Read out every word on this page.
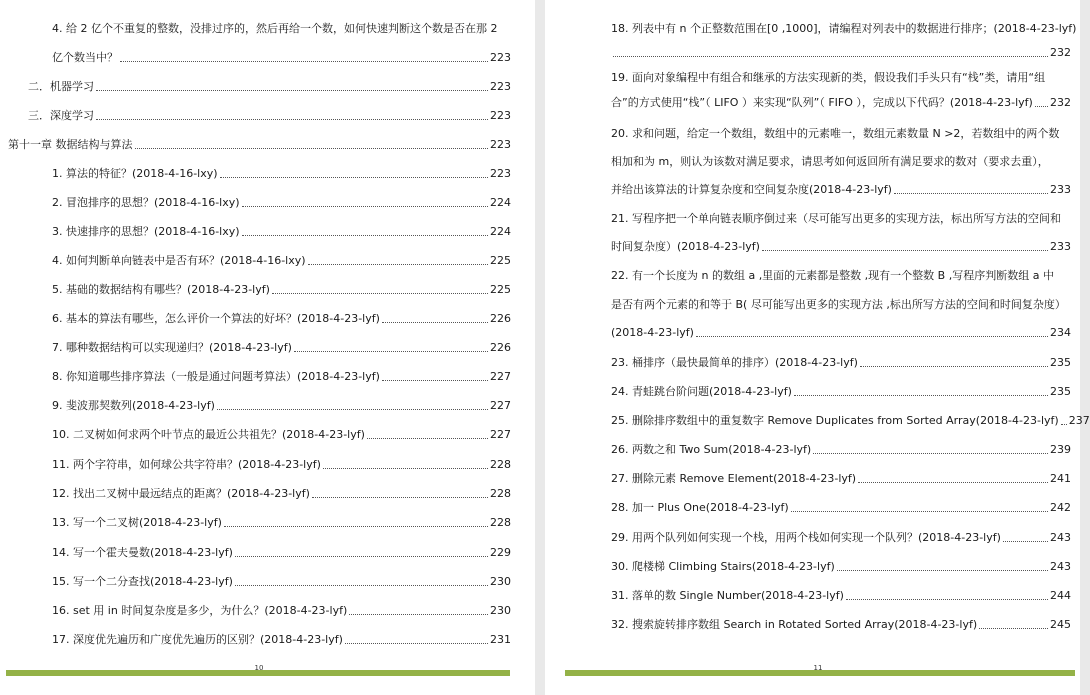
4. 给 2 亿个不重复的整数，没排过序的，然后再给一个数，如何快速判断这个数是否在那 2
亿个数当中？	223
二．机器学习	223
三．深度学习	223
第十一章 数据结构与算法	223
1. 算法的特征？(2018-4-16-lxy)	223
2. 冒泡排序的思想？(2018-4-16-lxy)	224
3. 快速排序的思想？(2018-4-16-lxy)	224
4. 如何判断单向链表中是否有环？(2018-4-16-lxy)	225
5. 基础的数据结构有哪些？(2018-4-23-lyf)	225
6. 基本的算法有哪些，怎么评价一个算法的好坏？(2018-4-23-lyf)	226
7. 哪种数据结构可以实现递归？(2018-4-23-lyf)	226
8. 你知道哪些排序算法（一般是通过问题考算法）(2018-4-23-lyf)	227
9. 斐波那契数列(2018-4-23-lyf)	227
10. 二叉树如何求两个叶节点的最近公共祖先？(2018-4-23-lyf)	227
11. 两个字符串，如何球公共字符串？(2018-4-23-lyf)	228
12. 找出二叉树中最远结点的距离？(2018-4-23-lyf)	228
13. 写一个二叉树(2018-4-23-lyf)	228
14. 写一个霍夫曼数(2018-4-23-lyf)	229
15. 写一个二分查找(2018-4-23-lyf)	230
16. set 用 in 时间复杂度是多少，为什么？(2018-4-23-lyf)	230
17. 深度优先遍历和广度优先遍历的区别？(2018-4-23-lyf)	231
10
18. 列表中有 n 个正整数范围在[0 ,1000]，请编程对列表中的数据进行排序；(2018-4-23-lyf)
232
19. 面向对象编程中有组合和继承的方法实现新的类，假设我们手头只有“栈”类，请用“组
合”的方式使用“栈”（ LIFO ）来实现“队列”（ FIFO ），完成以下代码？(2018-4-23-lyf) 232
20. 求和问题，给定一个数组，数组中的元素唯一，数组元素数量 N >2，若数组中的两个数
相加和为 m，则认为该数对满足要求，请思考如何返回所有满足要求的数对（要求去重），
并给出该算法的计算复杂度和空间复杂度(2018-4-23-lyf)	233
21. 写程序把一个单向链表顺序倒过来（尽可能写出更多的实现方法，标出所写方法的空间和
时间复杂度）(2018-4-23-lyf)	233
22. 有一个长度为 n 的数组 a ,里面的元素都是整数 ,现有一个整数 B ,写程序判断数组 a 中
是否有两个元素的和等于 B( 尽可能写出更多的实现方法 ,标出所写方法的空间和时间复杂度）
(2018-4-23-lyf)	234
23. 桶排序（最快最简单的排序）(2018-4-23-lyf)	235
24. 青蛙跳台阶问题(2018-4-23-lyf)	235
25. 删除排序数组中的重复数字 Remove Duplicates from Sorted Array(2018-4-23-lyf) 237
26. 两数之和 Two Sum(2018-4-23-lyf)	239
27. 删除元素 Remove Element(2018-4-23-lyf)	241
28. 加一 Plus One(2018-4-23-lyf)	242
29. 用两个队列如何实现一个栈，用两个栈如何实现一个队列？(2018-4-23-lyf)	243
30. 爬楼梯 Climbing Stairs(2018-4-23-lyf)	243
31. 落单的数 Single Number(2018-4-23-lyf)	244
32. 搜索旋转排序数组 Search in Rotated Sorted Array(2018-4-23-lyf)	245
11
